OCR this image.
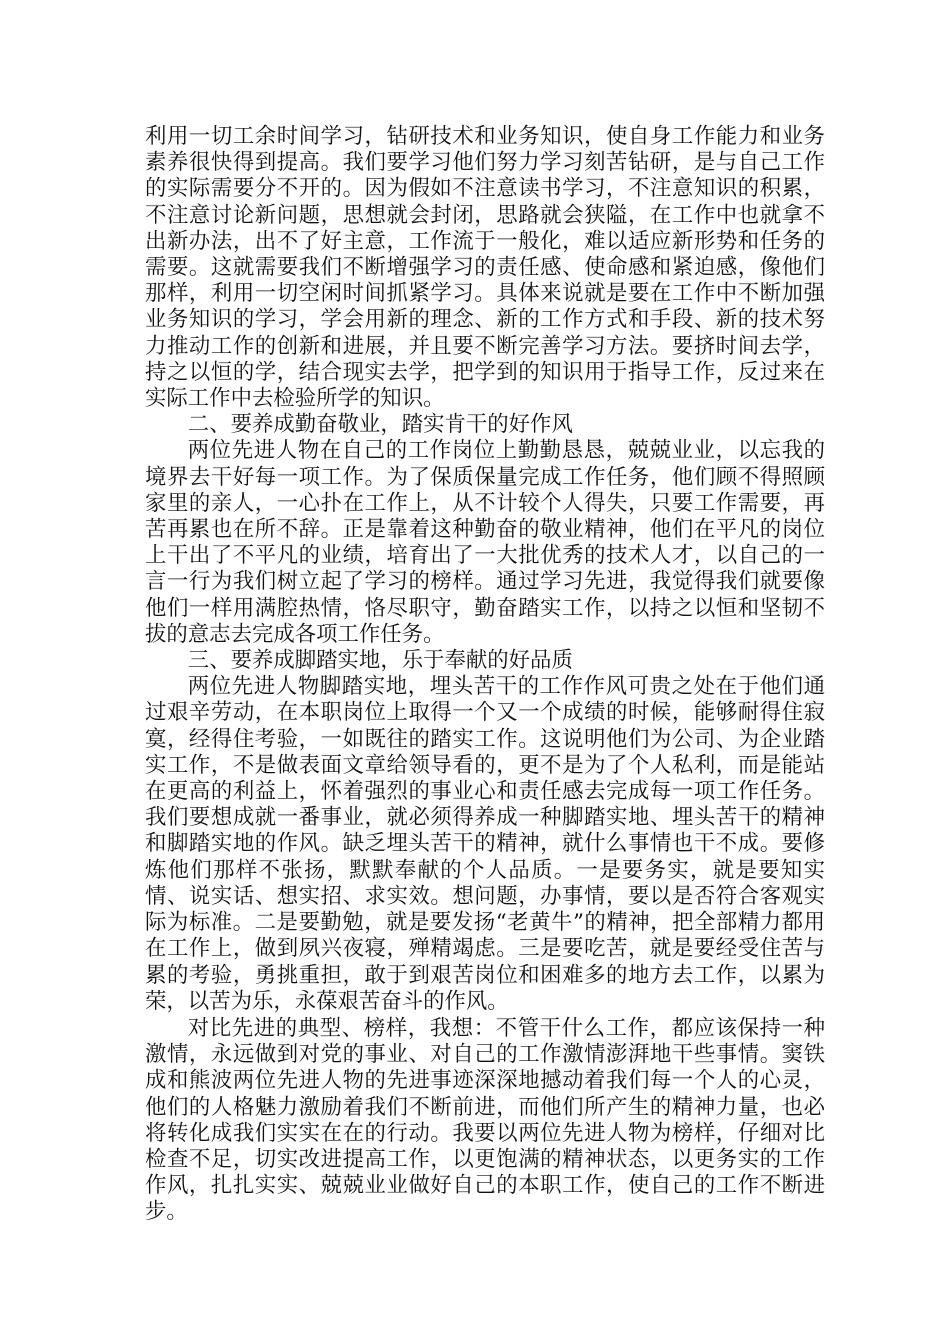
利用一切工余时间学习，钻研技术和业务知识，使自身工作能力和业务素养很快得到提高。我们要学习他们努力学习刻苦钻研，是与自己工作的实际需要分不开的。因为假如不注意读书学习，不注意知识的积累，不注意讨论新问题，思想就会封闭，思路就会狭隘，在工作中也就拿不出新办法，出不了好主意，工作流于一般化，难以适应新形势和任务的需要。这就需要我们不断增强学习的责任感、使命感和紧迫感，像他们那样，利用一切空闲时间抓紧学习。具体来说就是要在工作中不断加强业务知识的学习，学会用新的理念、新的工作方式和手段、新的技术努力推动工作的创新和进展，并且要不断完善学习方法。要挤时间去学，持之以恒的学，结合现实去学，把学到的知识用于指导工作，反过来在实际工作中去检验所学的知识。

二、要养成勤奋敬业，踏实肯干的好作风

两位先进人物在自己的工作岗位上勤勤恳恳，兢兢业业，以忘我的境界去干好每一项工作。为了保质保量完成工作任务，他们顾不得照顾家里的亲人，一心扑在工作上，从不计较个人得失，只要工作需要，再苦再累也在所不辞。正是靠着这种勤奋的敬业精神，他们在平凡的岗位上干出了不平凡的业绩，培育出了一大批优秀的技术人才，以自己的一言一行为我们树立起了学习的榜样。通过学习先进，我觉得我们就要像他们一样用满腔热情，恪尽职守，勤奋踏实工作，以持之以恒和坚韧不拔的意志去完成各项工作任务。

三、要养成脚踏实地，乐于奉献的好品质

两位先进人物脚踏实地，埋头苦干的工作作风可贵之处在于他们通过艰辛劳动，在本职岗位上取得一个又一个成绩的时候，能够耐得住寂寞，经得住考验，一如既往的踏实工作。这说明他们为公司、为企业踏实工作，不是做表面文章给领导看的，更不是为了个人私利，而是能站在更高的利益上，怀着强烈的事业心和责任感去完成每一项工作任务。我们要想成就一番事业，就必须得养成一种脚踏实地、埋头苦干的精神和脚踏实地的作风。缺乏埋头苦干的精神，就什么事情也干不成。要修炼他们那样不张扬，默默奉献的个人品质。一是要务实，就是要知实情、说实话、想实招、求实效。想问题，办事情，要以是否符合客观实际为标准。二是要勤勉，就是要发扬“老黄牛”的精神，把全部精力都用在工作上，做到夙兴夜寝，殚精竭虑。三是要吃苦，就是要经受住苦与累的考验，勇挑重担，敢于到艰苦岗位和困难多的地方去工作，以累为荣，以苦为乐，永葆艰苦奋斗的作风。

对比先进的典型、榜样，我想：不管干什么工作，都应该保持一种激情，永远做到对党的事业、对自己的工作激情澎湃地干些事情。窦铁成和熊波两位先进人物的先进事迹深深地撼动着我们每一个人的心灵，他们的人格魅力激励着我们不断前进，而他们所产生的精神力量，也必将转化成我们实实在在的行动。我要以两位先进人物为榜样，仔细对比检查不足，切实改进提高工作，以更饱满的精神状态，以更务实的工作作风，扎扎实实、兢兢业业做好自己的本职工作，使自己的工作不断进步。
